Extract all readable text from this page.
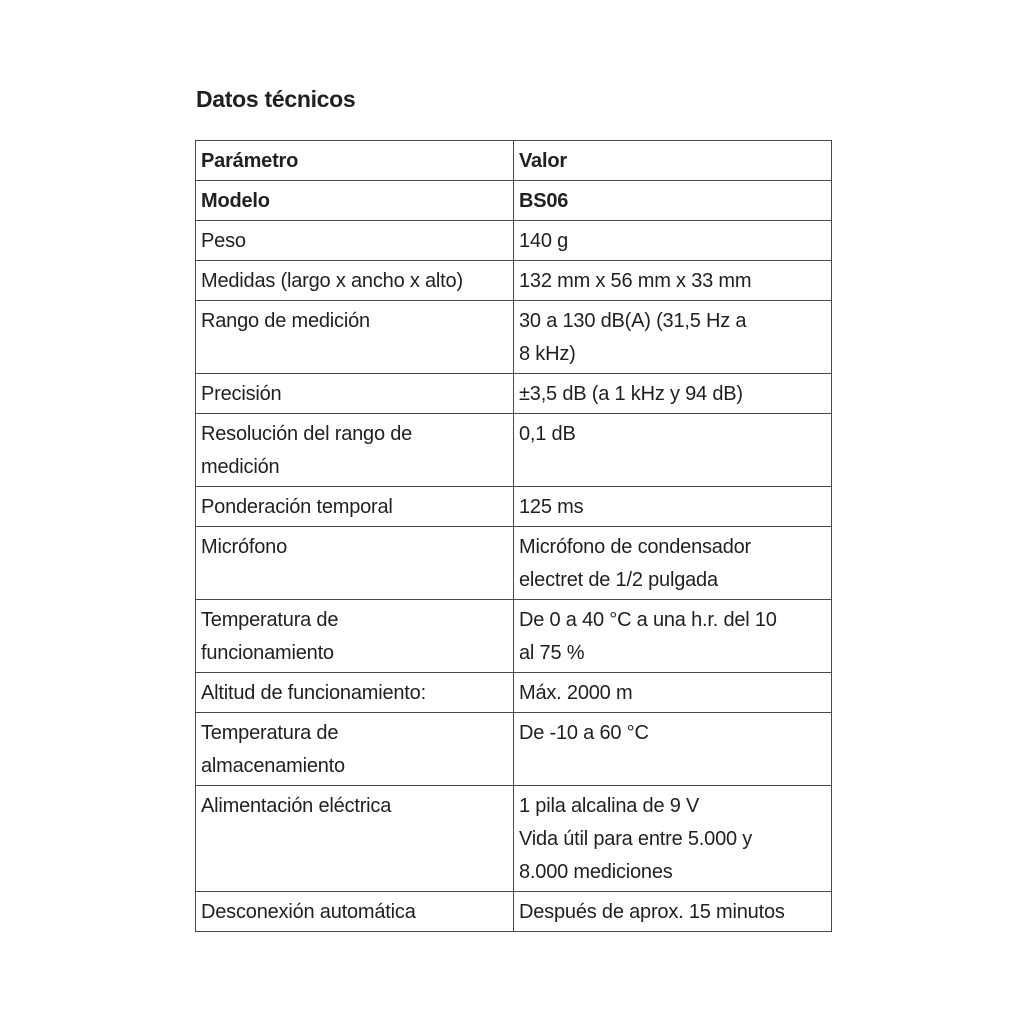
Datos técnicos
Parámetro	Valor

Modelo	BS06

Peso	140 g

Medidas (largo x ancho x alto)	132 mm x 56 mm x 33 mm

Rango de medición	30 a 130 dB(A) (31,5 Hz a
8 kHz)

Precisión	±3,5 dB (a 1 kHz y 94 dB)

Resolución del rango de
medición	0,1 dB

Ponderación temporal	125 ms

Micrófono	Micrófono de condensador
electret de 1/2 pulgada

Temperatura de
funcionamiento	De 0 a 40 °C a una h.r. del 10
al 75 %

Altitud de funcionamiento:	Máx. 2000 m

Temperatura de
almacenamiento	De -10 a 60 °C

Alimentación eléctrica	1 pila alcalina de 9 V
Vida útil para entre 5.000 y
8.000 mediciones

Desconexión automática	Después de aprox. 15 minutos
